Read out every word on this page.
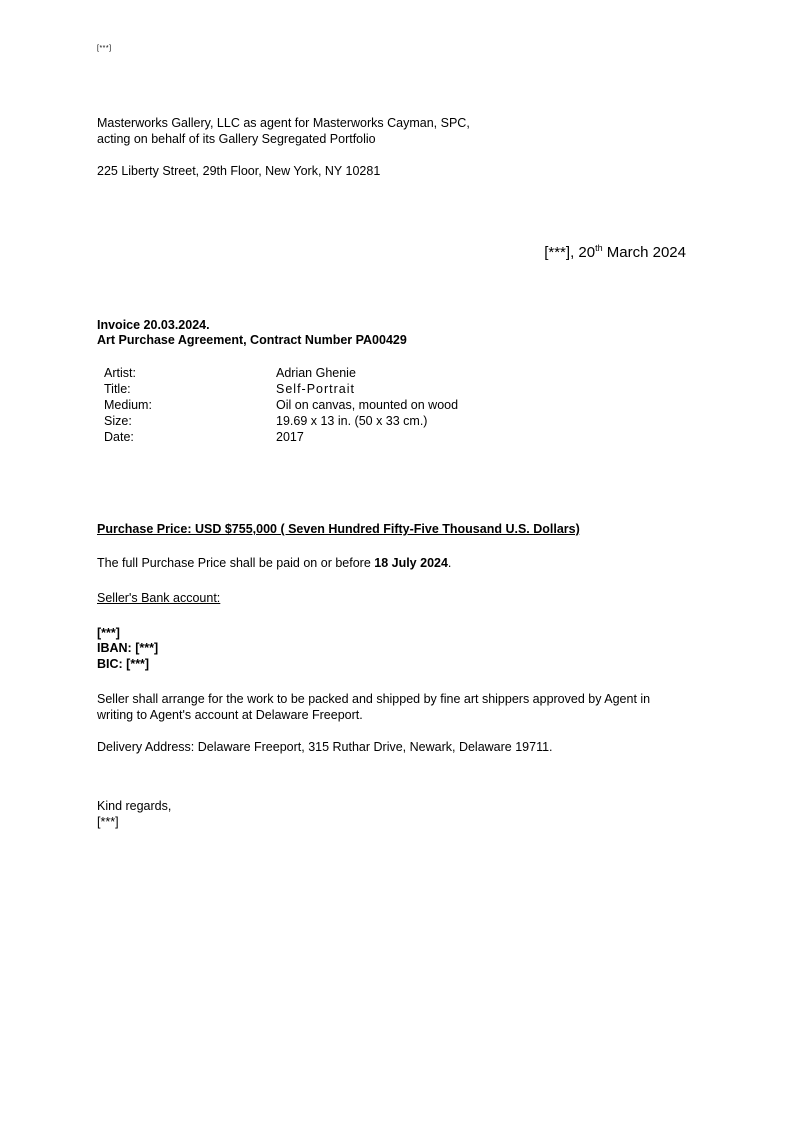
[***]
Masterworks Gallery, LLC as agent for Masterworks Cayman, SPC,
acting on behalf of its Gallery Segregated Portfolio
225 Liberty Street, 29th Floor, New York, NY 10281
[***], 20th March 2024
Invoice 20.03.2024.
Art Purchase Agreement, Contract Number PA00429
Artist:	Adrian Ghenie
Title:	Self-Portrait
Medium:	Oil on canvas, mounted on wood
Size:	19.69 x 13 in. (50 x 33 cm.)
Date:	2017
Purchase Price: USD $755,000 ( Seven Hundred Fifty-Five Thousand U.S. Dollars)
The full Purchase Price shall be paid on or before 18 July 2024.
Seller's Bank account:
[***]
IBAN: [***]
BIC: [***]
Seller shall arrange for the work to be packed and shipped by fine art shippers approved by Agent in
writing to Agent's account at Delaware Freeport.
Delivery Address: Delaware Freeport, 315 Ruthar Drive, Newark, Delaware 19711.
Kind regards,
[***]
